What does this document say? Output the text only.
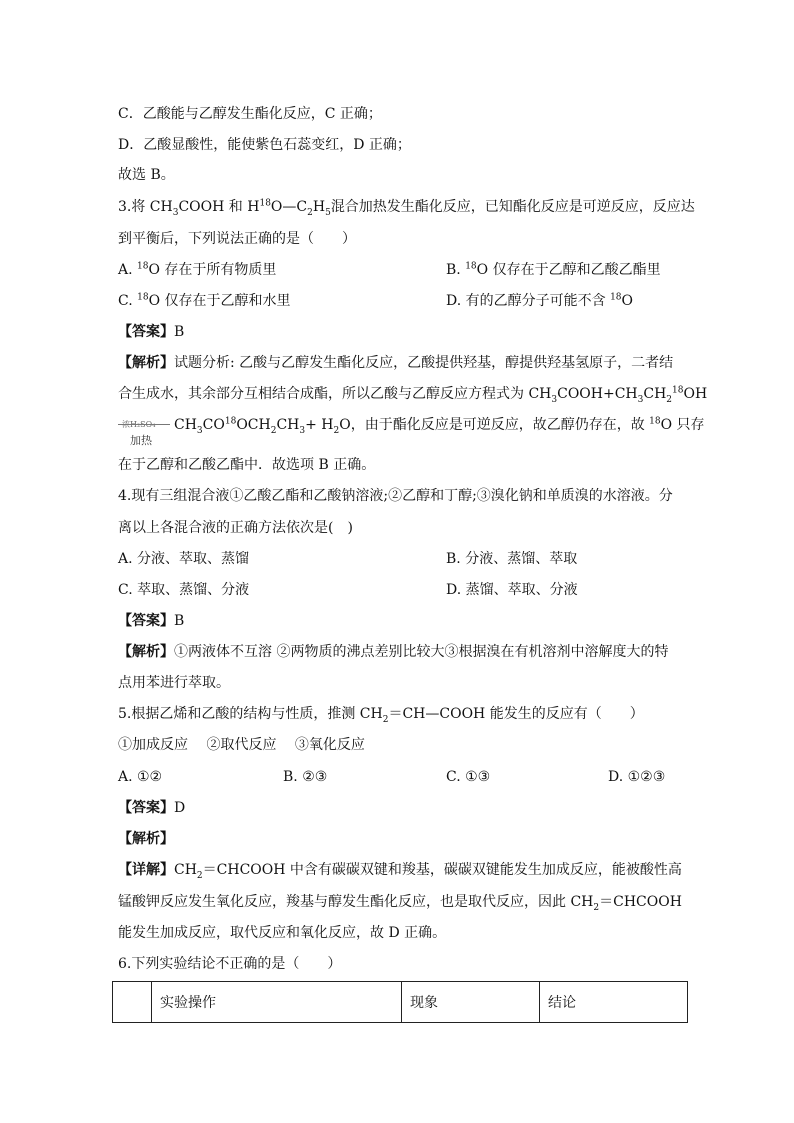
C．乙酸能与乙醇发生酯化反应，C 正确；
D．乙酸显酸性，能使紫色石蕊变红，D 正确；
故选 B。
3.将 $CH_3COOH$ 和 $H^{18}O—C_2H_5$混合加热发生酯化反应，已知酯化反应是可逆反应，反应达
到平衡后，下列说法正确的是（　　）
A. $^{18}$O 存在于所有物质里	B. $^{18}$O 仅存在于乙醇和乙酸乙酯里
C. $^{18}$O 仅存在于乙醇和水里	D. 有的乙醇分子可能不含 $^{18}$O
【答案】B
【解析】试题分析: 乙酸与乙醇发生酯化反应，乙酸提供羟基，醇提供羟基氢原子，二者结
合生成水，其余部分互相结合成酯，所以乙酸与乙醇反应方程式为 $CH_3COOH+CH_3CH_2^{18}OH$
浓H₂SO₄
加热
$CH_3CO^{18}OCH_2CH_3+ H_2O$，由于酯化反应是可逆反应，故乙醇仍存在，故 $^{18}$O 只存
在于乙醇和乙酸乙酯中．故选项 B 正确。
4.现有三组混合液①乙酸乙酯和乙酸钠溶液;②乙醇和丁醇;③溴化钠和单质溴的水溶液。分
离以上各混合液的正确方法依次是(　)
A. 分液、萃取、蒸馏	B. 分液、蒸馏、萃取
C. 萃取、蒸馏、分液	D. 蒸馏、萃取、分液
【答案】B
【解析】①两液体不互溶 ②两物质的沸点差别比较大③根据溴在有机溶剂中溶解度大的特
点用苯进行萃取。
5.根据乙烯和乙酸的结构与性质，推测 $CH_2=CH—COOH$ 能发生的反应有（　　）
①加成反应　 ②取代反应　 ③氧化反应
A. ①②	B. ②③	C. ①③	D. ①②③
【答案】D
【解析】
【详解】$CH_2=CHCOOH$ 中含有碳碳双键和羧基，碳碳双键能发生加成反应，能被酸性高
锰酸钾反应发生氧化反应，羧基与醇发生酯化反应，也是取代反应，因此 $CH_2=CHCOOH$
能发生加成反应，取代反应和氧化反应，故 D 正确。
6.下列实验结论不正确的是（　　）
	实验操作	现象	结论
